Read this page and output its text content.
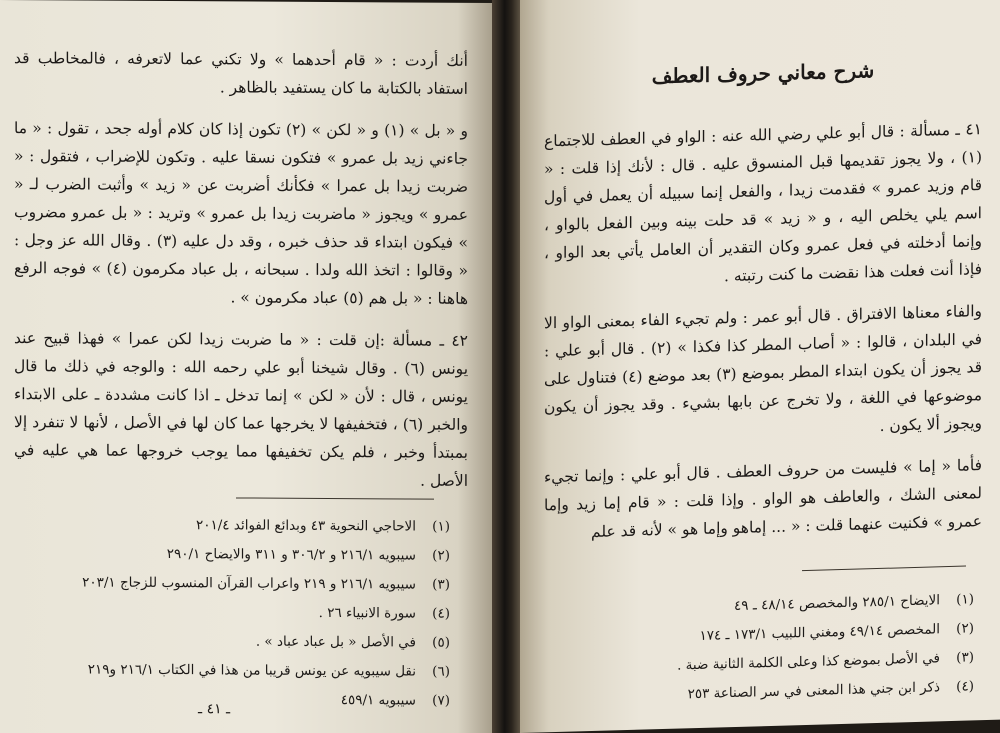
أنك أردت : « قام أحدهما » ولا تكني عما لاتعرفه ، فالمخاطب قد استفاد بالكتابة ما كان يستفيد بالظاهر .

و « بل » (١) و « لكن » (٢) تكون إذا كان كلام أوله جحد ، تقول : « ما جاءني زيد بل عمرو » فتكون نسقا عليه . وتكون للإضراب ، فتقول : « ضربت زيدا بل عمرا » فكأنك أضربت عن « زيد » وأثبت الضرب لـ « عمرو » ويجوز « ماضربت زيدا بل عمرو » وتريد : « بل عمرو مضروب » فيكون ابتداء قد حذف خبره ، وقد دل عليه (٣) . وقال الله عز وجل : « وقالوا : اتخذ الله ولدا . سبحانه ، بل عباد مكرمون (٤) » فوجه الرفع هاهنا : « بل هم (٥) عباد مكرمون » .

٤٢ ـ مسألة :إن قلت : « ما ضربت زيدا لكن عمرا » فهذا قبيح عند يونس (٦) . وقال شيخنا أبو علي رحمه الله : والوجه في ذلك ما قال يونس ، قال : لأن « لكن » إنما تدخل ـ اذا كانت مشددة ـ على الابتداء والخبر (٦) ، فتخفيفها لا يخرجها عما كان لها في الأصل ، لأنها لا تنفرد إلا بمبتدأ وخبر ، فلم يكن تخفيفها مما يوجب خروجها عما هي عليه في الأصل .

(١)
الاحاجي النحوية ٤٣ وبدائع الفوائد ٢٠١/٤
(٢)
سيبويه ٢١٦/١ و ٣٠٦/٢ و ٣١١ والايضاح ٢٩٠/١
(٣)
سيبويه ٢١٦/١ و ٢١٩ واعراب القرآن المنسوب للزجاج ٢٠٣/١
(٤)
سورة الانبياء ٢٦ .
(٥)
في الأصل « بل عباد عباد » .
(٦)
نقل سيبويه عن يونس قريبا من هذا في الكتاب ٢١٦/١ و٢١٩
(٧)
سيبويه ٤٥٩/١
ـ ٤١ ـ
شرح معاني حروف العطف

٤١ ـ مسألة : قال أبو علي رضي الله عنه : الواو في العطف للاجتماع (١) ، ولا يجوز تقديمها قبل المنسوق عليه . قال : لأنك إذا قلت : « قام وزيد عمرو » فقدمت زيدا ، والفعل إنما سبيله أن يعمل في أول اسم يلي يخلص اليه ، و « زيد » قد حلت بينه وبين الفعل بالواو ، وإنما أدخلته في فعل عمرو وكان التقدير أن العامل يأتي بعد الواو ، فإذا أنت فعلت هذا نقضت ما كنت رتبته .

والفاء معناها الافتراق . قال أبو عمر : ولم تجيء الفاء بمعنى الواو الا في البلدان ، قالوا : « أصاب المطر كذا فكذا » (٢) . قال أبو علي : قد يجوز أن يكون ابتداء المطر بموضع (٣) بعد موضع (٤) فتناول على موضوعها في اللغة ، ولا تخرج عن بابها بشيء . وقد يجوز أن يكون ويجوز ألا يكون .

فأما « إما » فليست من حروف العطف . قال أبو علي : وإنما تجيء لمعنى الشك ، والعاطف هو الواو . وإذا قلت : « قام إما زيد وإما عمرو » فكنيت عنهما قلت : « ... إماهو وإما هو » لأنه قد علم

(١)
الايضاح ٢٨٥/١ والمخصص ٤٨/١٤ ـ ٤٩
(٢)
المخصص ٤٩/١٤ ومغني اللبيب ١٧٣/١ ـ ١٧٤
(٣)
في الأصل بموضع كذا وعلى الكلمة الثانية ضبة .
(٤)
ذكر ابن جني هذا المعنى في سر الصناعة ٢٥٣
